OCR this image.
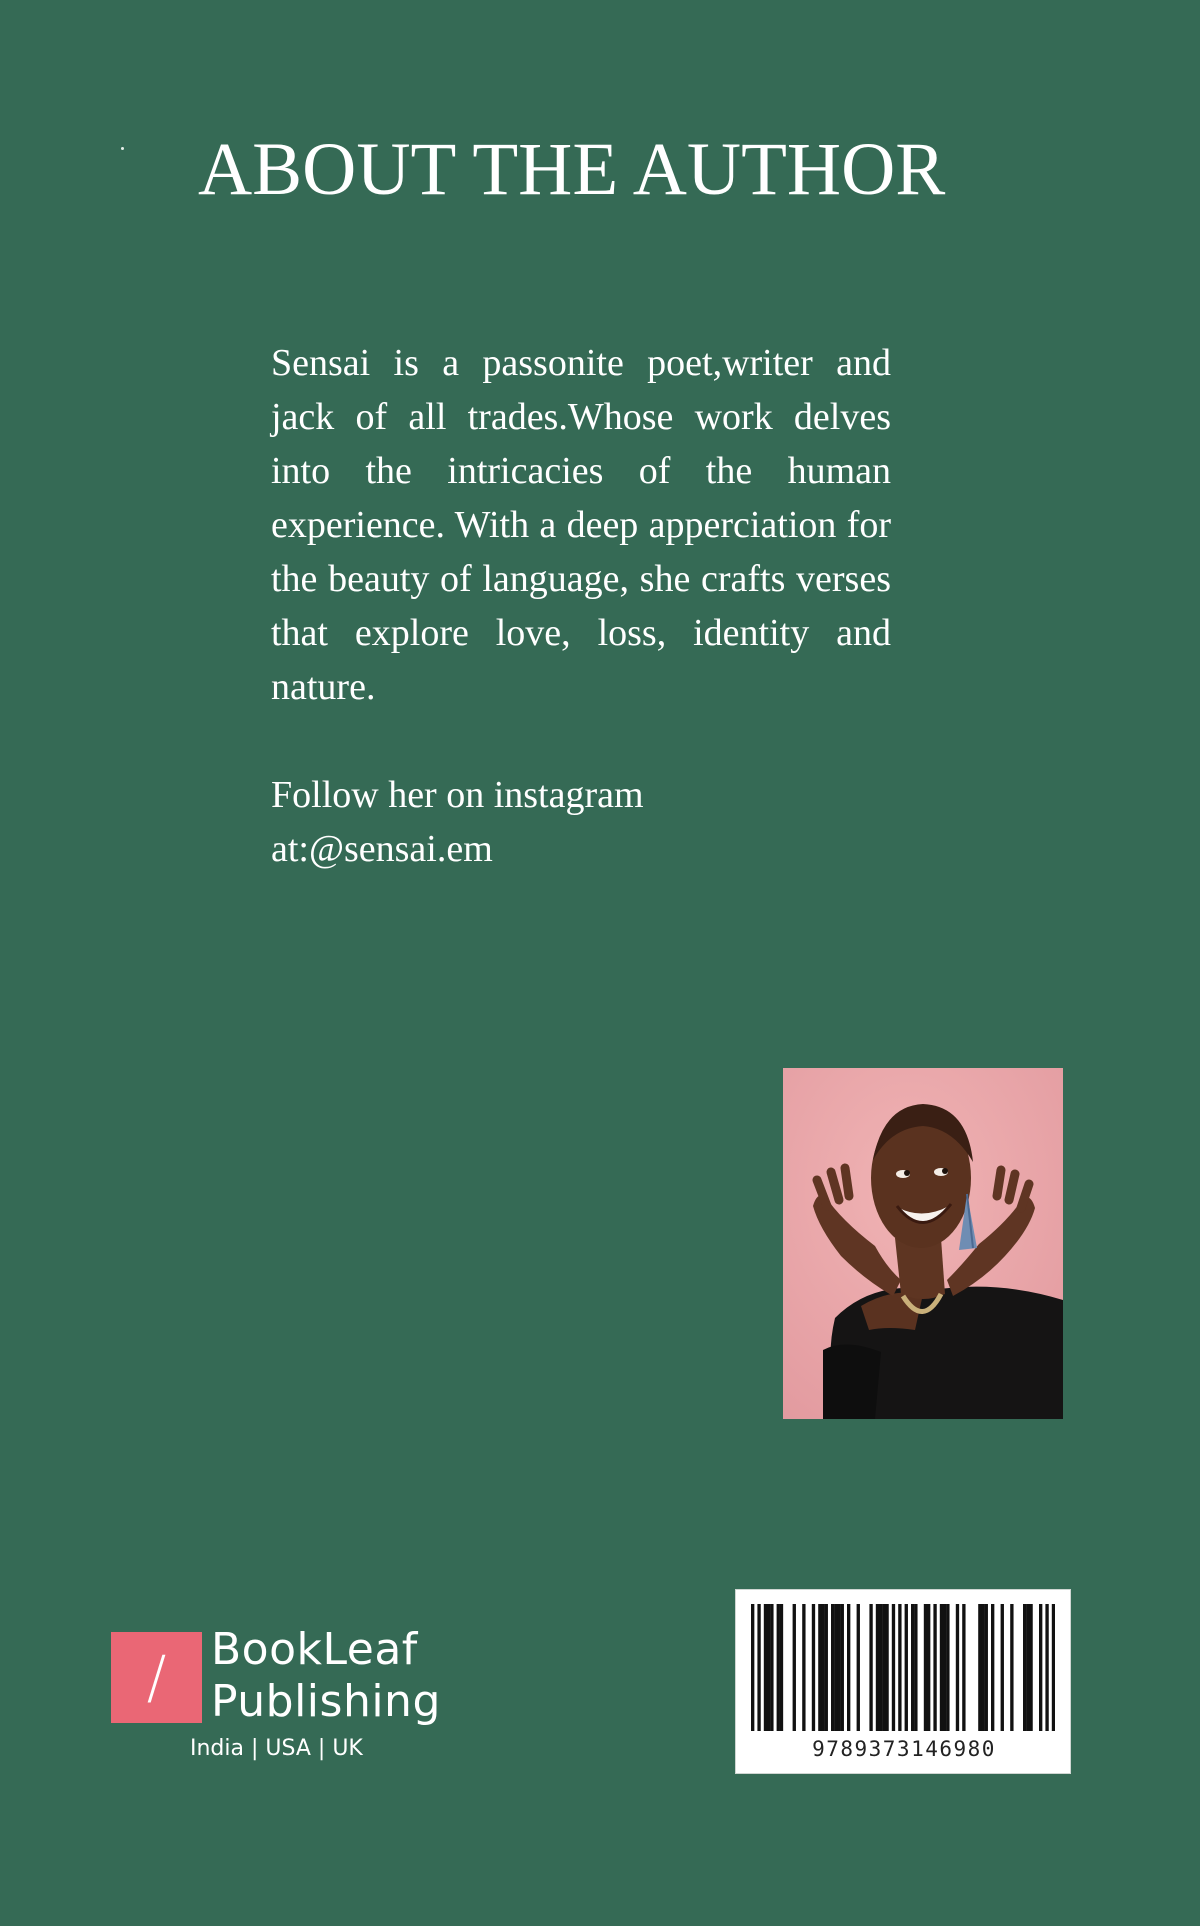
ABOUT THE AUTHOR

Sensai is a passonite poet,writer and jack of all trades.Whose work delves into the intricacies of the human experience. With a deep apperciation for the beauty of language, she crafts verses that explore love, loss, identity and nature.

Follow her on instagram
at:@sensai.em

/	BookLeaf
Publishing
India | USA | UK	9789373146980
